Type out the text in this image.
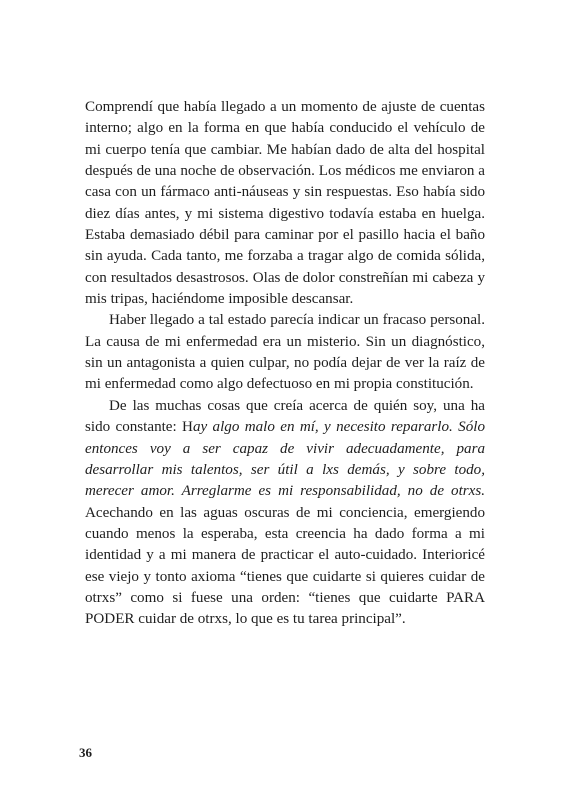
Comprendí que había llegado a un momento de ajuste de cuentas interno; algo en la forma en que había conducido el vehículo de mi cuerpo tenía que cambiar. Me habían dado de alta del hospital después de una noche de observación. Los médicos me enviaron a casa con un fármaco anti-náuseas y sin respuestas. Eso había sido diez días antes, y mi sistema digestivo todavía estaba en huelga. Estaba demasiado débil para caminar por el pasillo hacia el baño sin ayuda. Cada tanto, me forzaba a tragar algo de comida sólida, con resultados desastrosos. Olas de dolor constreñían mi cabeza y mis tripas, haciéndome imposible descansar.

Haber llegado a tal estado parecía indicar un fracaso personal. La causa de mi enfermedad era un misterio. Sin un diagnóstico, sin un antagonista a quien culpar, no podía dejar de ver la raíz de mi enfermedad como algo defectuoso en mi propia constitución.

De las muchas cosas que creía acerca de quién soy, una ha sido constante: Hay algo malo en mí, y necesito repararlo. Sólo entonces voy a ser capaz de vivir adecuadamente, para desarrollar mis talentos, ser útil a lxs demás, y sobre todo, merecer amor. Arreglarme es mi responsabilidad, no de otrxs. Acechando en las aguas oscuras de mi conciencia, emergiendo cuando menos la esperaba, esta creencia ha dado forma a mi identidad y a mi manera de practicar el auto-cuidado. Interioricé ese viejo y tonto axioma “tienes que cuidarte si quieres cuidar de otrxs” como si fuese una orden: “tienes que cuidarte PARA PODER cuidar de otrxs, lo que es tu tarea principal”.

36
